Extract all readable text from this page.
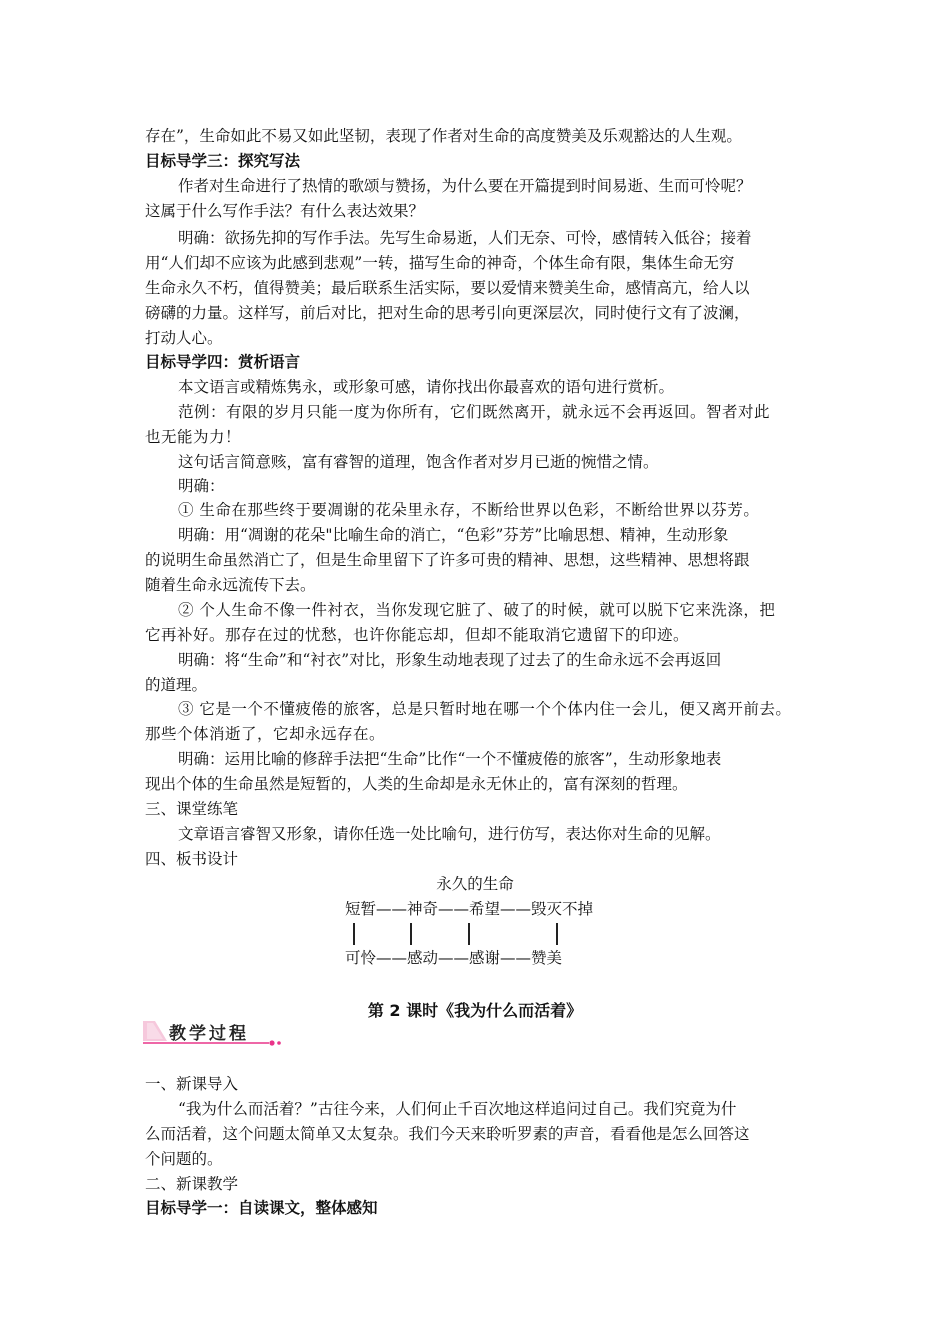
存在”，生命如此不易又如此坚韧，表现了作者对生命的高度赞美及乐观豁达的人生观。
目标导学三：探究写法
作者对生命进行了热情的歌颂与赞扬，为什么要在开篇提到时间易逝、生而可怜呢？
这属于什么写作手法？有什么表达效果？
明确：欲扬先抑的写作手法。先写生命易逝，人们无奈、可怜，感情转入低谷；接着
用“人们却不应该为此感到悲观”一转，描写生命的神奇，个体生命有限，集体生命无穷
生命永久不朽，值得赞美；最后联系生活实际，要以爱情来赞美生命，感情高亢，给人以
磅礴的力量。这样写，前后对比，把对生命的思考引向更深层次，同时使行文有了波澜，
打动人心。
目标导学四：赏析语言
本文语言或精炼隽永，或形象可感，请你找出你最喜欢的语句进行赏析。
范例：有限的岁月只能一度为你所有，它们既然离开，就永远不会再返回。智者对此
也无能为力！
这句话言简意赅，富有睿智的道理，饱含作者对岁月已逝的惋惜之情。
明确：
① 生命在那些终于要凋谢的花朵里永存，不断给世界以色彩，不断给世界以芬芳。
明确：用“凋谢的花朵"比喻生命的消亡，“色彩”芬芳”比喻思想、精神，生动形象
的说明生命虽然消亡了，但是生命里留下了许多可贵的精神、思想，这些精神、思想将跟
随着生命永远流传下去。
② 个人生命不像一件衬衣，当你发现它脏了、破了的时候，就可以脱下它来洗涤，把
它再补好。那存在过的忧愁，也许你能忘却，但却不能取消它遗留下的印迹。
明确：将“生命”和“衬衣”对比，形象生动地表现了过去了的生命永远不会再返回
的道理。
③ 它是一个不懂疲倦的旅客，总是只暂时地在哪一个个体内住一会儿，便又离开前去。
那些个体消逝了，它却永远存在。
明确：运用比喻的修辞手法把“生命”比作“一个不懂疲倦的旅客”，生动形象地表
现出个体的生命虽然是短暂的，人类的生命却是永无休止的，富有深刻的哲理。
三、课堂练笔
文章语言睿智又形象，请你任选一处比喻句，进行仿写，表达你对生命的见解。
四、板书设计
永久的生命
短暂——神奇——希望——毁灭不掉
可怜——感动——感谢——赞美
第 2 课时《我为什么而活着》
教学过程
一、新课导入
“我为什么而活着？”古往今来，人们何止千百次地这样追问过自己。我们究竟为什
么而活着，这个问题太简单又太复杂。我们今天来聆听罗素的声音，看看他是怎么回答这
个问题的。
二、新课教学
目标导学一：自读课文，整体感知
